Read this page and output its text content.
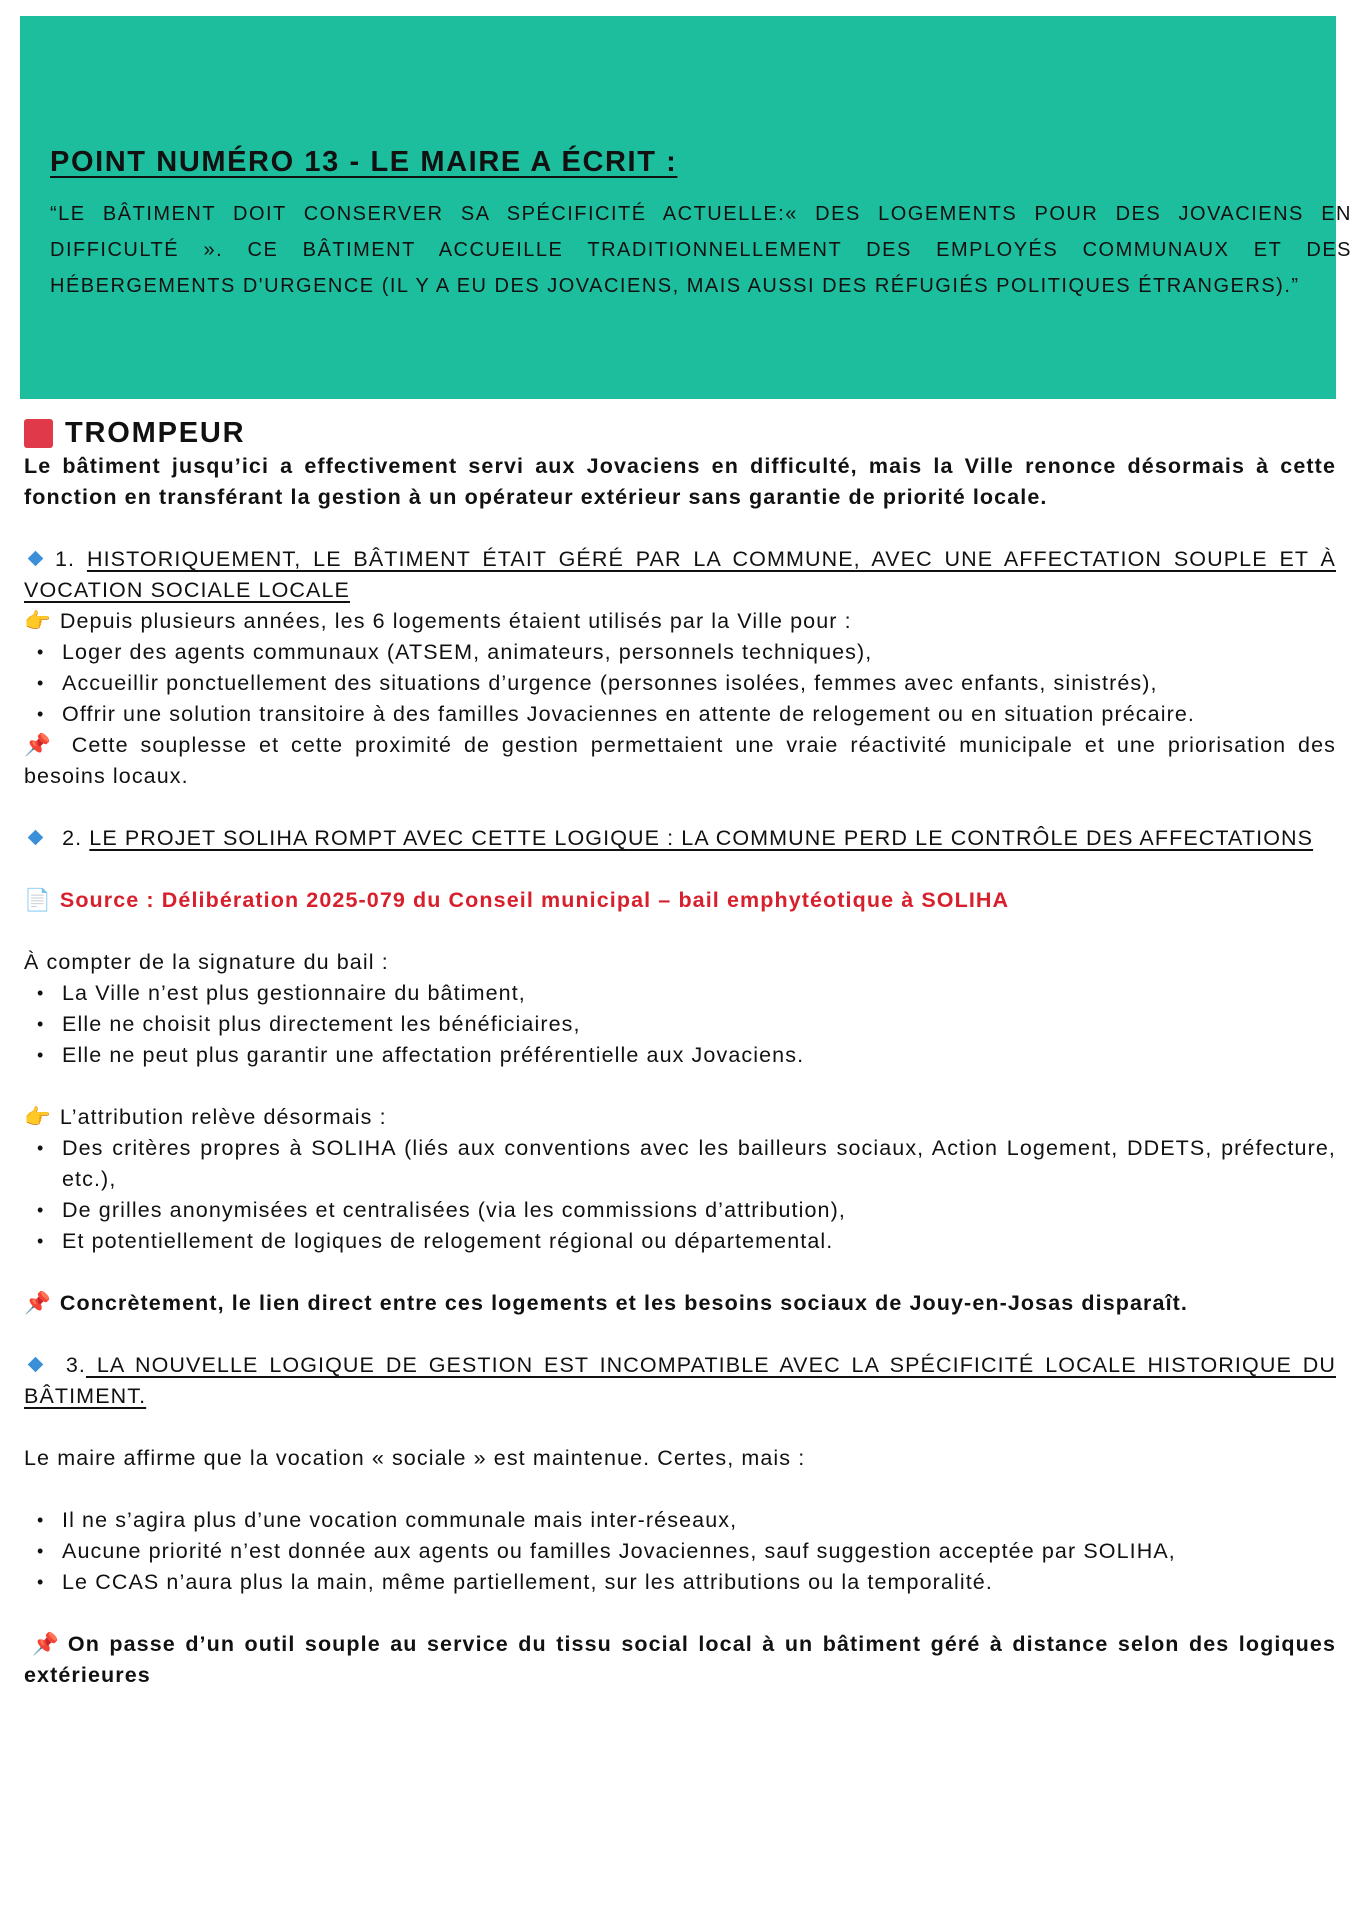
POINT NUMÉRO 13 - LE MAIRE A ÉCRIT :
“LE BÂTIMENT DOIT CONSERVER SA SPÉCIFICITÉ ACTUELLE:« DES LOGEMENTS POUR DES JOVACIENS EN DIFFICULTÉ ». CE BÂTIMENT ACCUEILLE TRADITIONNELLEMENT DES EMPLOYÉS COMMUNAUX ET DES HÉBERGEMENTS D'URGENCE (IL Y A EU DES JOVACIENS, MAIS AUSSI DES RÉFUGIÉS POLITIQUES ÉTRANGERS).”
TROMPEUR
Le bâtiment jusqu’ici a effectivement servi aux Jovaciens en difficulté, mais la Ville renonce désormais à cette fonction en transférant la gestion à un opérateur extérieur sans garantie de priorité locale.
1. HISTORIQUEMENT, LE BÂTIMENT ÉTAIT GÉRÉ PAR LA COMMUNE, AVEC UNE AFFECTATION SOUPLE ET À VOCATION SOCIALE LOCALE
👉 Depuis plusieurs années, les 6 logements étaient utilisés par la Ville pour :
• Loger des agents communaux (ATSEM, animateurs, personnels techniques),
• Accueillir ponctuellement des situations d’urgence (personnes isolées, femmes avec enfants, sinistrés),
• Offrir une solution transitoire à des familles Jovaciennes en attente de relogement ou en situation précaire.
📌 Cette souplesse et cette proximité de gestion permettaient une vraie réactivité municipale et une priorisation des besoins locaux.
2. LE PROJET SOLIHA ROMPT AVEC CETTE LOGIQUE : LA COMMUNE PERD LE CONTRÔLE DES AFFECTATIONS
📄 Source : Délibération 2025-079 du Conseil municipal – bail emphytéotique à SOLIHA
À compter de la signature du bail :
• La Ville n’est plus gestionnaire du bâtiment,
• Elle ne choisit plus directement les bénéficiaires,
• Elle ne peut plus garantir une affectation préférentielle aux Jovaciens.
👉 L’attribution relève désormais :
• Des critères propres à SOLIHA (liés aux conventions avec les bailleurs sociaux, Action Logement, DDETS, préfecture, etc.),
• De grilles anonymisées et centralisées (via les commissions d’attribution),
• Et potentiellement de logiques de relogement régional ou départemental.
📌 Concrètement, le lien direct entre ces logements et les besoins sociaux de Jouy-en-Josas disparaît.
3. LA NOUVELLE LOGIQUE DE GESTION EST INCOMPATIBLE AVEC LA SPÉCIFICITÉ LOCALE HISTORIQUE DU BÂTIMENT.
Le maire affirme que la vocation « sociale » est maintenue. Certes, mais :
• Il ne s’agira plus d’une vocation communale mais inter-réseaux,
• Aucune priorité n’est donnée aux agents ou familles Jovaciennes, sauf suggestion acceptée par SOLIHA,
• Le CCAS n’aura plus la main, même partiellement, sur les attributions ou la temporalité.
📌 On passe d’un outil souple au service du tissu social local à un bâtiment géré à distance selon des logiques extérieures
